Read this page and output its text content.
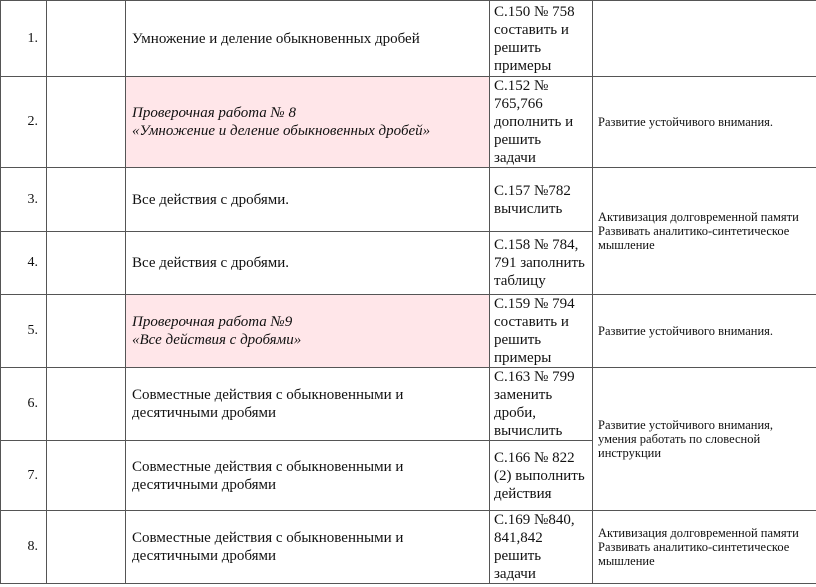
1.		Умножение и деление обыкновенных дробей	С.150 № 758
составить и
решить
примеры	

2.		Проверочная работа № 8
«Умножение и деление обыкновенных дробей»	С.152 №
765,766
дополнить и
решить
задачи	Развитие устойчивого внимания.

3.		Все действия с дробями.	С.157 №782
вычислить	Активизация долговременной памяти
Развивать аналитико-синтетическое
мышление

4.		Все действия с дробями.	С.158 № 784,
791 заполнить
таблицу	

5.		Проверочная работа №9
«Все действия с дробями»	С.159 № 794
составить и
решить
примеры	Развитие устойчивого внимания.

6.		Совместные действия с обыкновенными и
десятичными дробями	С.163 № 799
заменить
дроби,
вычислить	Развитие устойчивого внимания,
умения работать по словесной
инструкции

7.		Совместные действия с обыкновенными и
десятичными дробями	С.166 № 822
(2) выполнить
действия	

8.		Совместные действия с обыкновенными и
десятичными дробями	С.169 №840,
841,842
решить
задачи	Активизация долговременной памяти
Развивать аналитико-синтетическое
мышление
